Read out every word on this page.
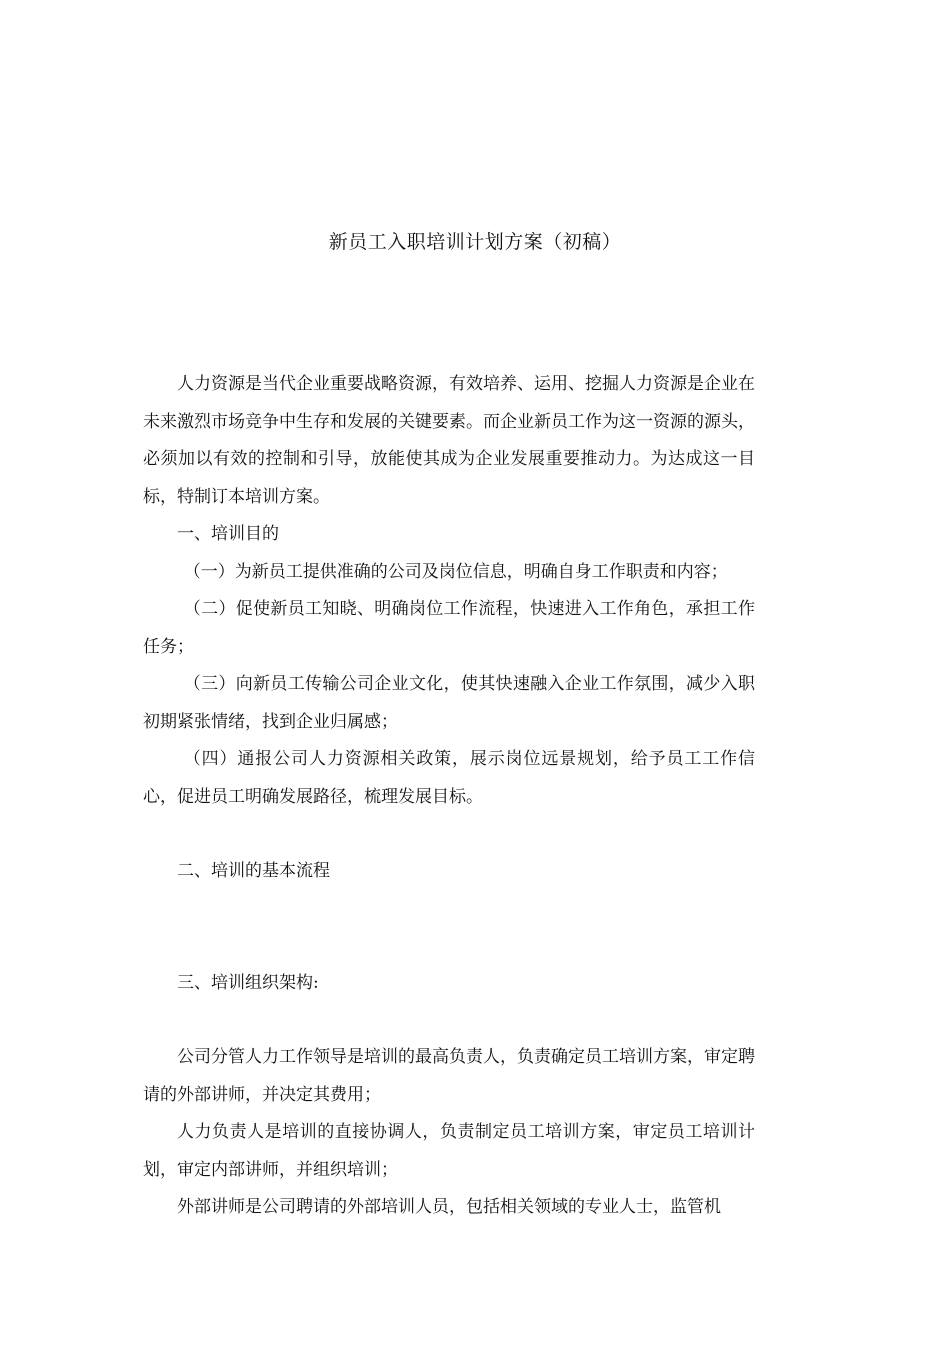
新员工入职培训计划方案（初稿）

人力资源是当代企业重要战略资源，有效培养、运用、挖掘人力资源是企业在未来激烈市场竞争中生存和发展的关键要素。而企业新员工作为这一资源的源头，必须加以有效的控制和引导，放能使其成为企业发展重要推动力。为达成这一目标，特制订本培训方案。

一、培训目的

（一）为新员工提供准确的公司及岗位信息，明确自身工作职责和内容；

（二）促使新员工知晓、明确岗位工作流程，快速进入工作角色，承担工作任务；

（三）向新员工传输公司企业文化，使其快速融入企业工作氛围，减少入职初期紧张情绪，找到企业归属感；

（四）通报公司人力资源相关政策，展示岗位远景规划，给予员工工作信心，促进员工明确发展路径，梳理发展目标。

二、培训的基本流程

三、培训组织架构:

公司分管人力工作领导是培训的最高负责人，负责确定员工培训方案，审定聘请的外部讲师，并决定其费用；

人力负责人是培训的直接协调人，负责制定员工培训方案，审定员工培训计划，审定内部讲师，并组织培训；

外部讲师是公司聘请的外部培训人员，包括相关领域的专业人士，监管机
